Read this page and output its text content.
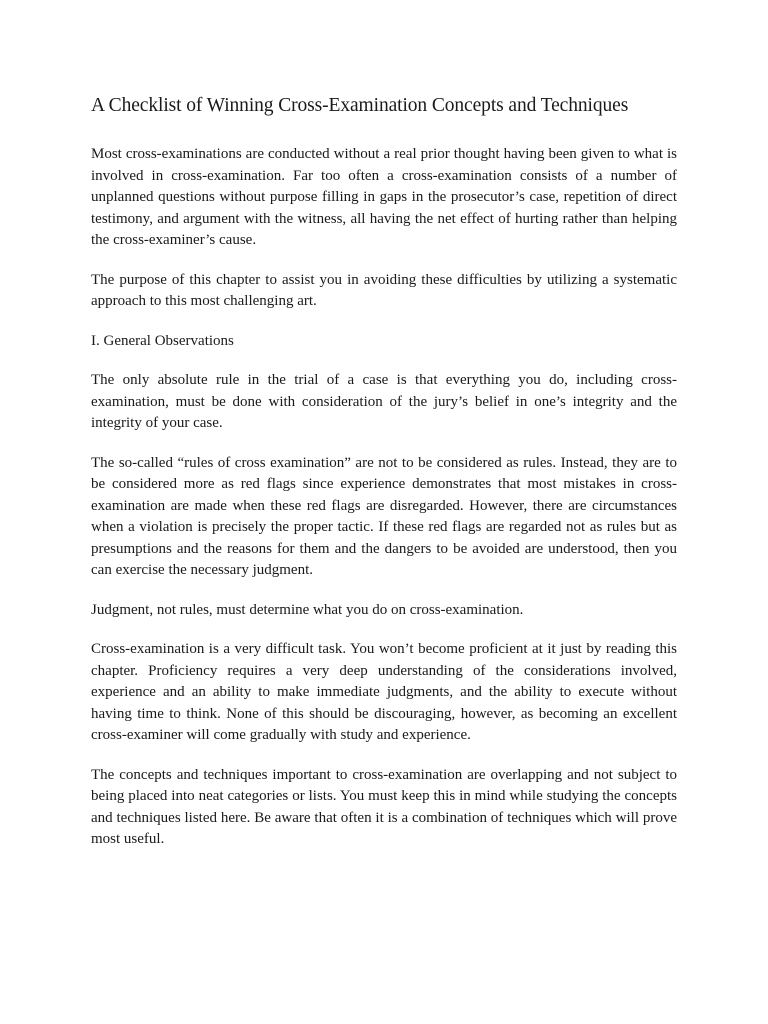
A Checklist of Winning Cross-Examination Concepts and Techniques

Most cross-examinations are conducted without a real prior thought having been given to what is involved in cross-examination. Far too often a cross-examination consists of a number of unplanned questions without purpose filling in gaps in the prosecutor’s case, repetition of direct testimony, and argument with the witness, all having the net effect of hurting rather than helping the cross-examiner’s cause.

The purpose of this chapter to assist you in avoiding these difficulties by utilizing a systematic approach to this most challenging art.

I. General Observations

The only absolute rule in the trial of a case is that everything you do, including cross-examination, must be done with consideration of the jury’s belief in one’s integrity and the integrity of your case.

The so-called “rules of cross examination” are not to be considered as rules. Instead, they are to be considered more as red flags since experience demonstrates that most mistakes in cross-examination are made when these red flags are disregarded. However, there are circumstances when a violation is precisely the proper tactic. If these red flags are regarded not as rules but as presumptions and the reasons for them and the dangers to be avoided are understood, then you can exercise the necessary judgment.

Judgment, not rules, must determine what you do on cross-examination.

Cross-examination is a very difficult task. You won’t become proficient at it just by reading this chapter. Proficiency requires a very deep understanding of the considerations involved, experience and an ability to make immediate judgments, and the ability to execute without having time to think. None of this should be discouraging, however, as becoming an excellent cross-examiner will come gradually with study and experience.

The concepts and techniques important to cross-examination are overlapping and not subject to being placed into neat categories or lists. You must keep this in mind while studying the concepts and techniques listed here. Be aware that often it is a combination of techniques which will prove most useful.
